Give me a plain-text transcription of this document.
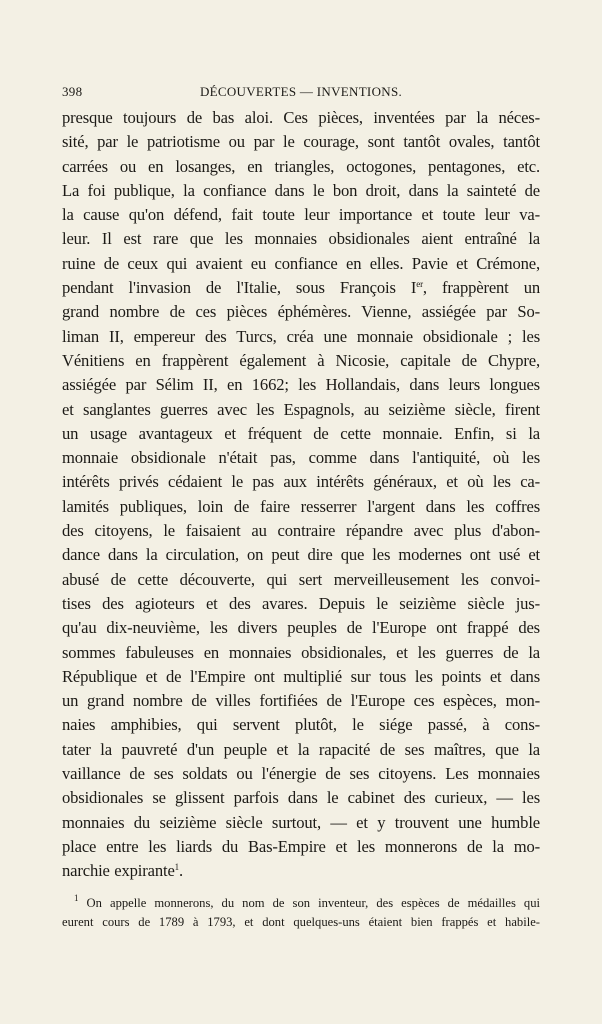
398	DÉCOUVERTES — INVENTIONS.
presque toujours de bas aloi. Ces pièces, inventées par la néces-
sité, par le patriotisme ou par le courage, sont tantôt ovales, tantôt
carrées ou en losanges, en triangles, octogones, pentagones, etc.
La foi publique, la confiance dans le bon droit, dans la sainteté de
la cause qu'on défend, fait toute leur importance et toute leur va-
leur. Il est rare que les monnaies obsidionales aient entraîné la
ruine de ceux qui avaient eu confiance en elles. Pavie et Crémone,
pendant l'invasion de l'Italie, sous François Ier, frappèrent un
grand nombre de ces pièces éphémères. Vienne, assiégée par So-
liman II, empereur des Turcs, créa une monnaie obsidionale ; les
Vénitiens en frappèrent également à Nicosie, capitale de Chypre,
assiégée par Sélim II, en 1662; les Hollandais, dans leurs longues
et sanglantes guerres avec les Espagnols, au seizième siècle, firent
un usage avantageux et fréquent de cette monnaie. Enfin, si la
monnaie obsidionale n'était pas, comme dans l'antiquité, où les
intérêts privés cédaient le pas aux intérêts généraux, et où les ca-
lamités publiques, loin de faire resserrer l'argent dans les coffres
des citoyens, le faisaient au contraire répandre avec plus d'abon-
dance dans la circulation, on peut dire que les modernes ont usé et
abusé de cette découverte, qui sert merveilleusement les convoi-
tises des agioteurs et des avares. Depuis le seizième siècle jus-
qu'au dix-neuvième, les divers peuples de l'Europe ont frappé des
sommes fabuleuses en monnaies obsidionales, et les guerres de la
République et de l'Empire ont multiplié sur tous les points et dans
un grand nombre de villes fortifiées de l'Europe ces espèces, mon-
naies amphibies, qui servent plutôt, le siége passé, à cons-
tater la pauvreté d'un peuple et la rapacité de ses maîtres, que la
vaillance de ses soldats ou l'énergie de ses citoyens. Les monnaies
obsidionales se glissent parfois dans le cabinet des curieux, — les
monnaies du seizième siècle surtout, — et y trouvent une humble
place entre les liards du Bas-Empire et les monnerons de la mo-
narchie expirante$^1$.
$^1$ On appelle monnerons, du nom de son inventeur, des espèces de médailles qui
eurent cours de 1789 à 1793, et dont quelques-uns étaient bien frappés et habile-
